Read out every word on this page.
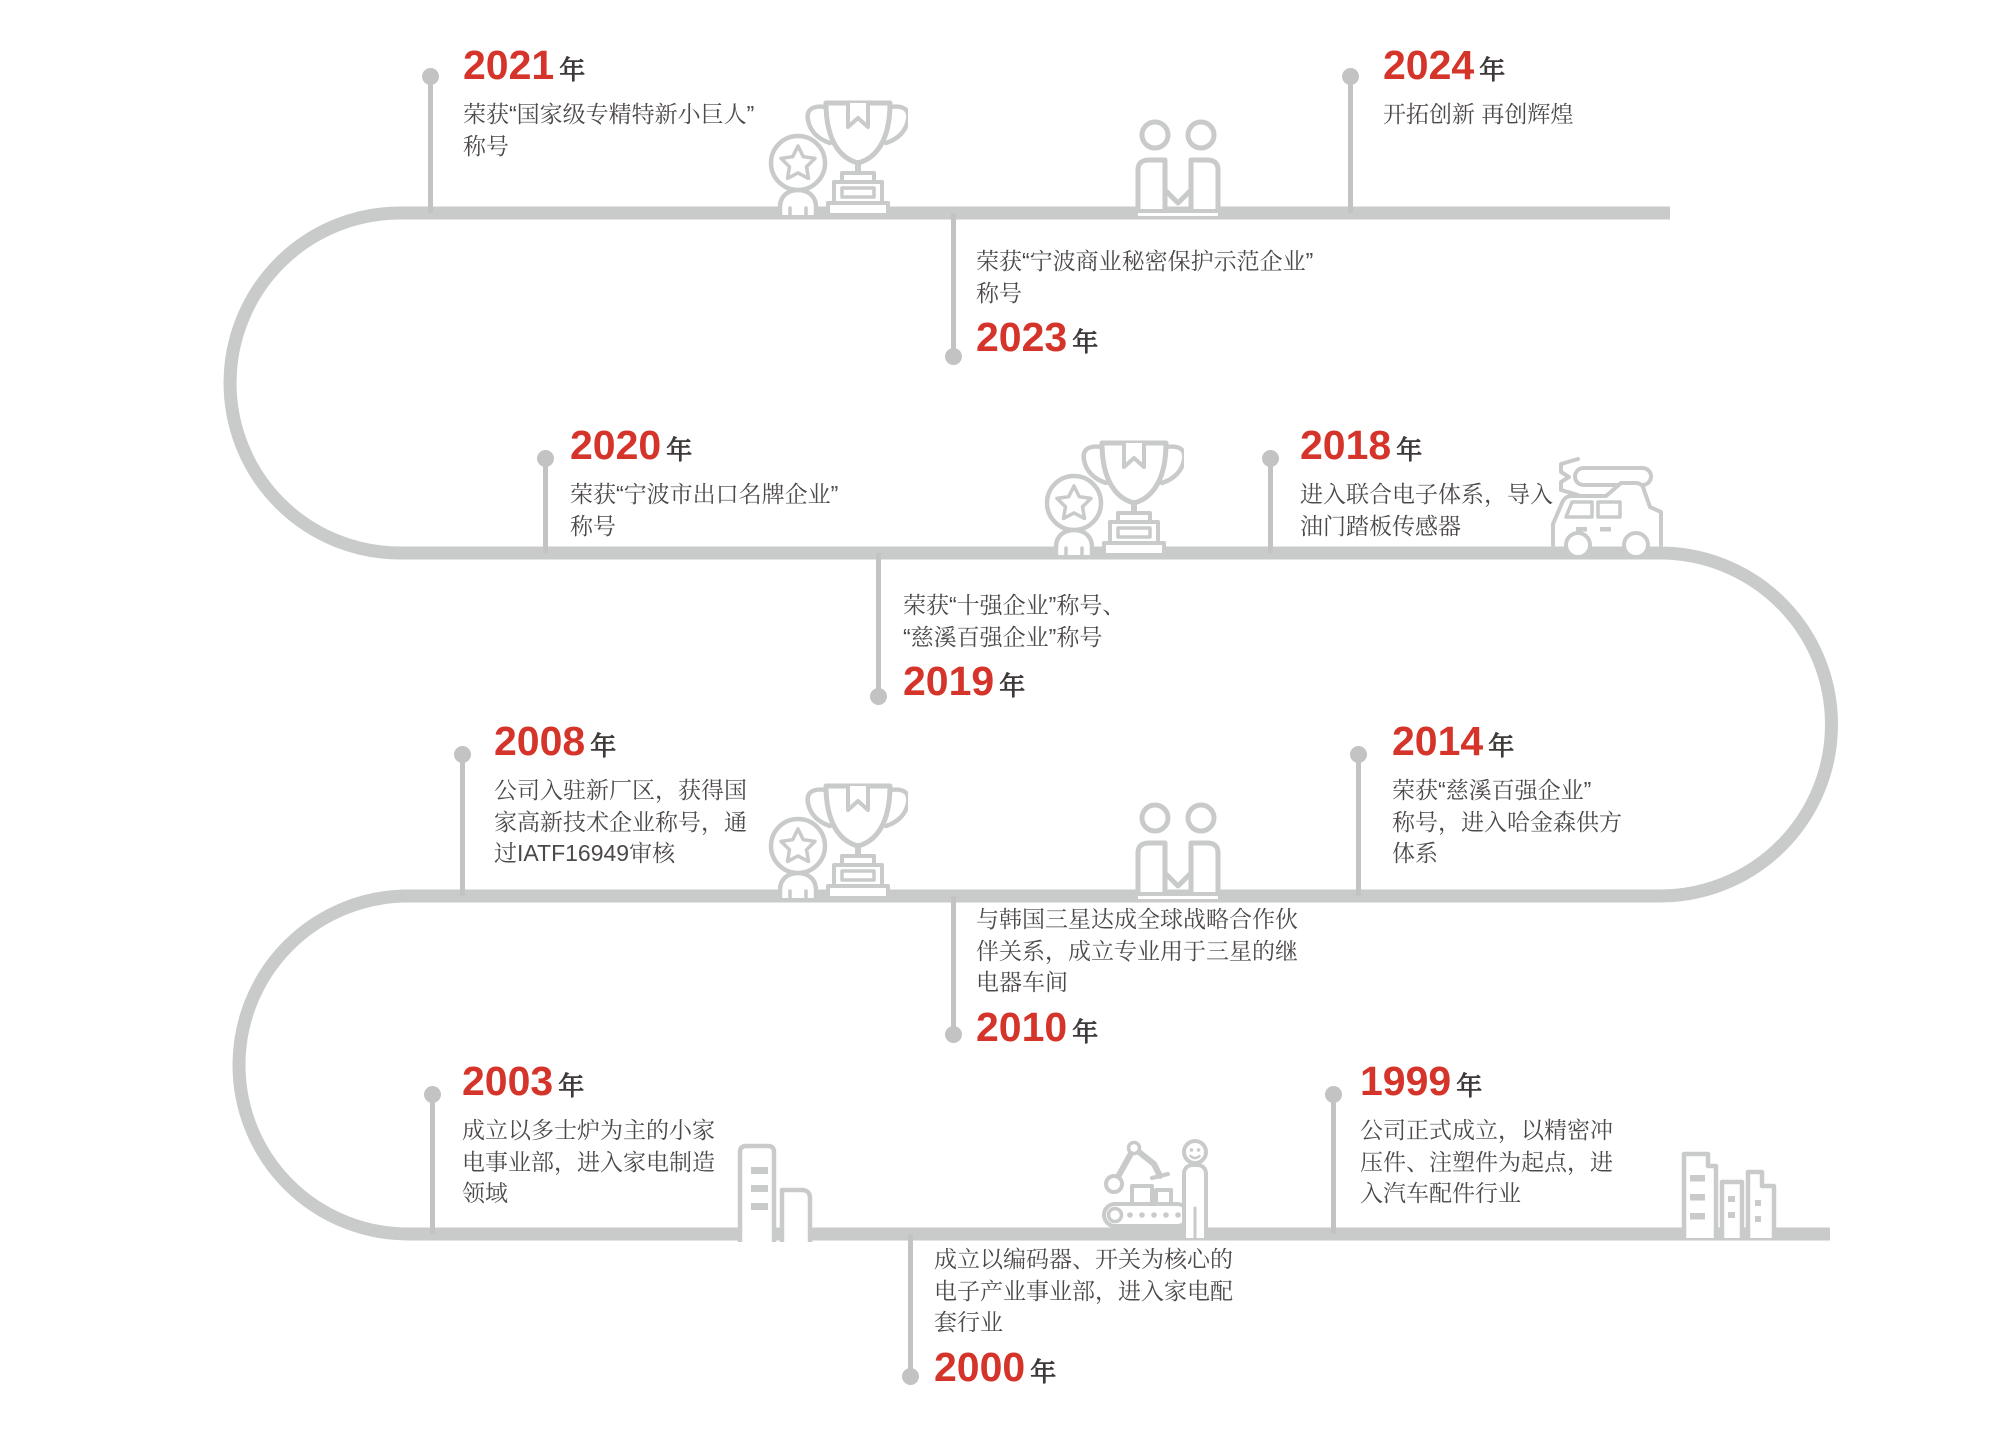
2021 年
荣获“国家级专精特新小巨人”
称号
2024 年
开拓创新 再创辉煌
荣获“宁波商业秘密保护示范企业”
称号
2023 年
2020 年
荣获“宁波市出口名牌企业”
称号
2018 年
进入联合电子体系，导入
油门踏板传感器
荣获“十强企业”称号、
“慈溪百强企业”称号
2019 年
2008 年
公司入驻新厂区，获得国
家高新技术企业称号，通
过IATF16949审核
2014 年
荣获“慈溪百强企业”
称号，进入哈金森供方
体系
与韩国三星达成全球战略合作伙
伴关系，成立专业用于三星的继
电器车间
2010 年
2003 年
成立以多士炉为主的小家
电事业部，进入家电制造
领域
1999 年
公司正式成立，以精密冲
压件、注塑件为起点，进
入汽车配件行业
成立以编码器、开关为核心的
电子产业事业部，进入家电配
套行业
2000 年
